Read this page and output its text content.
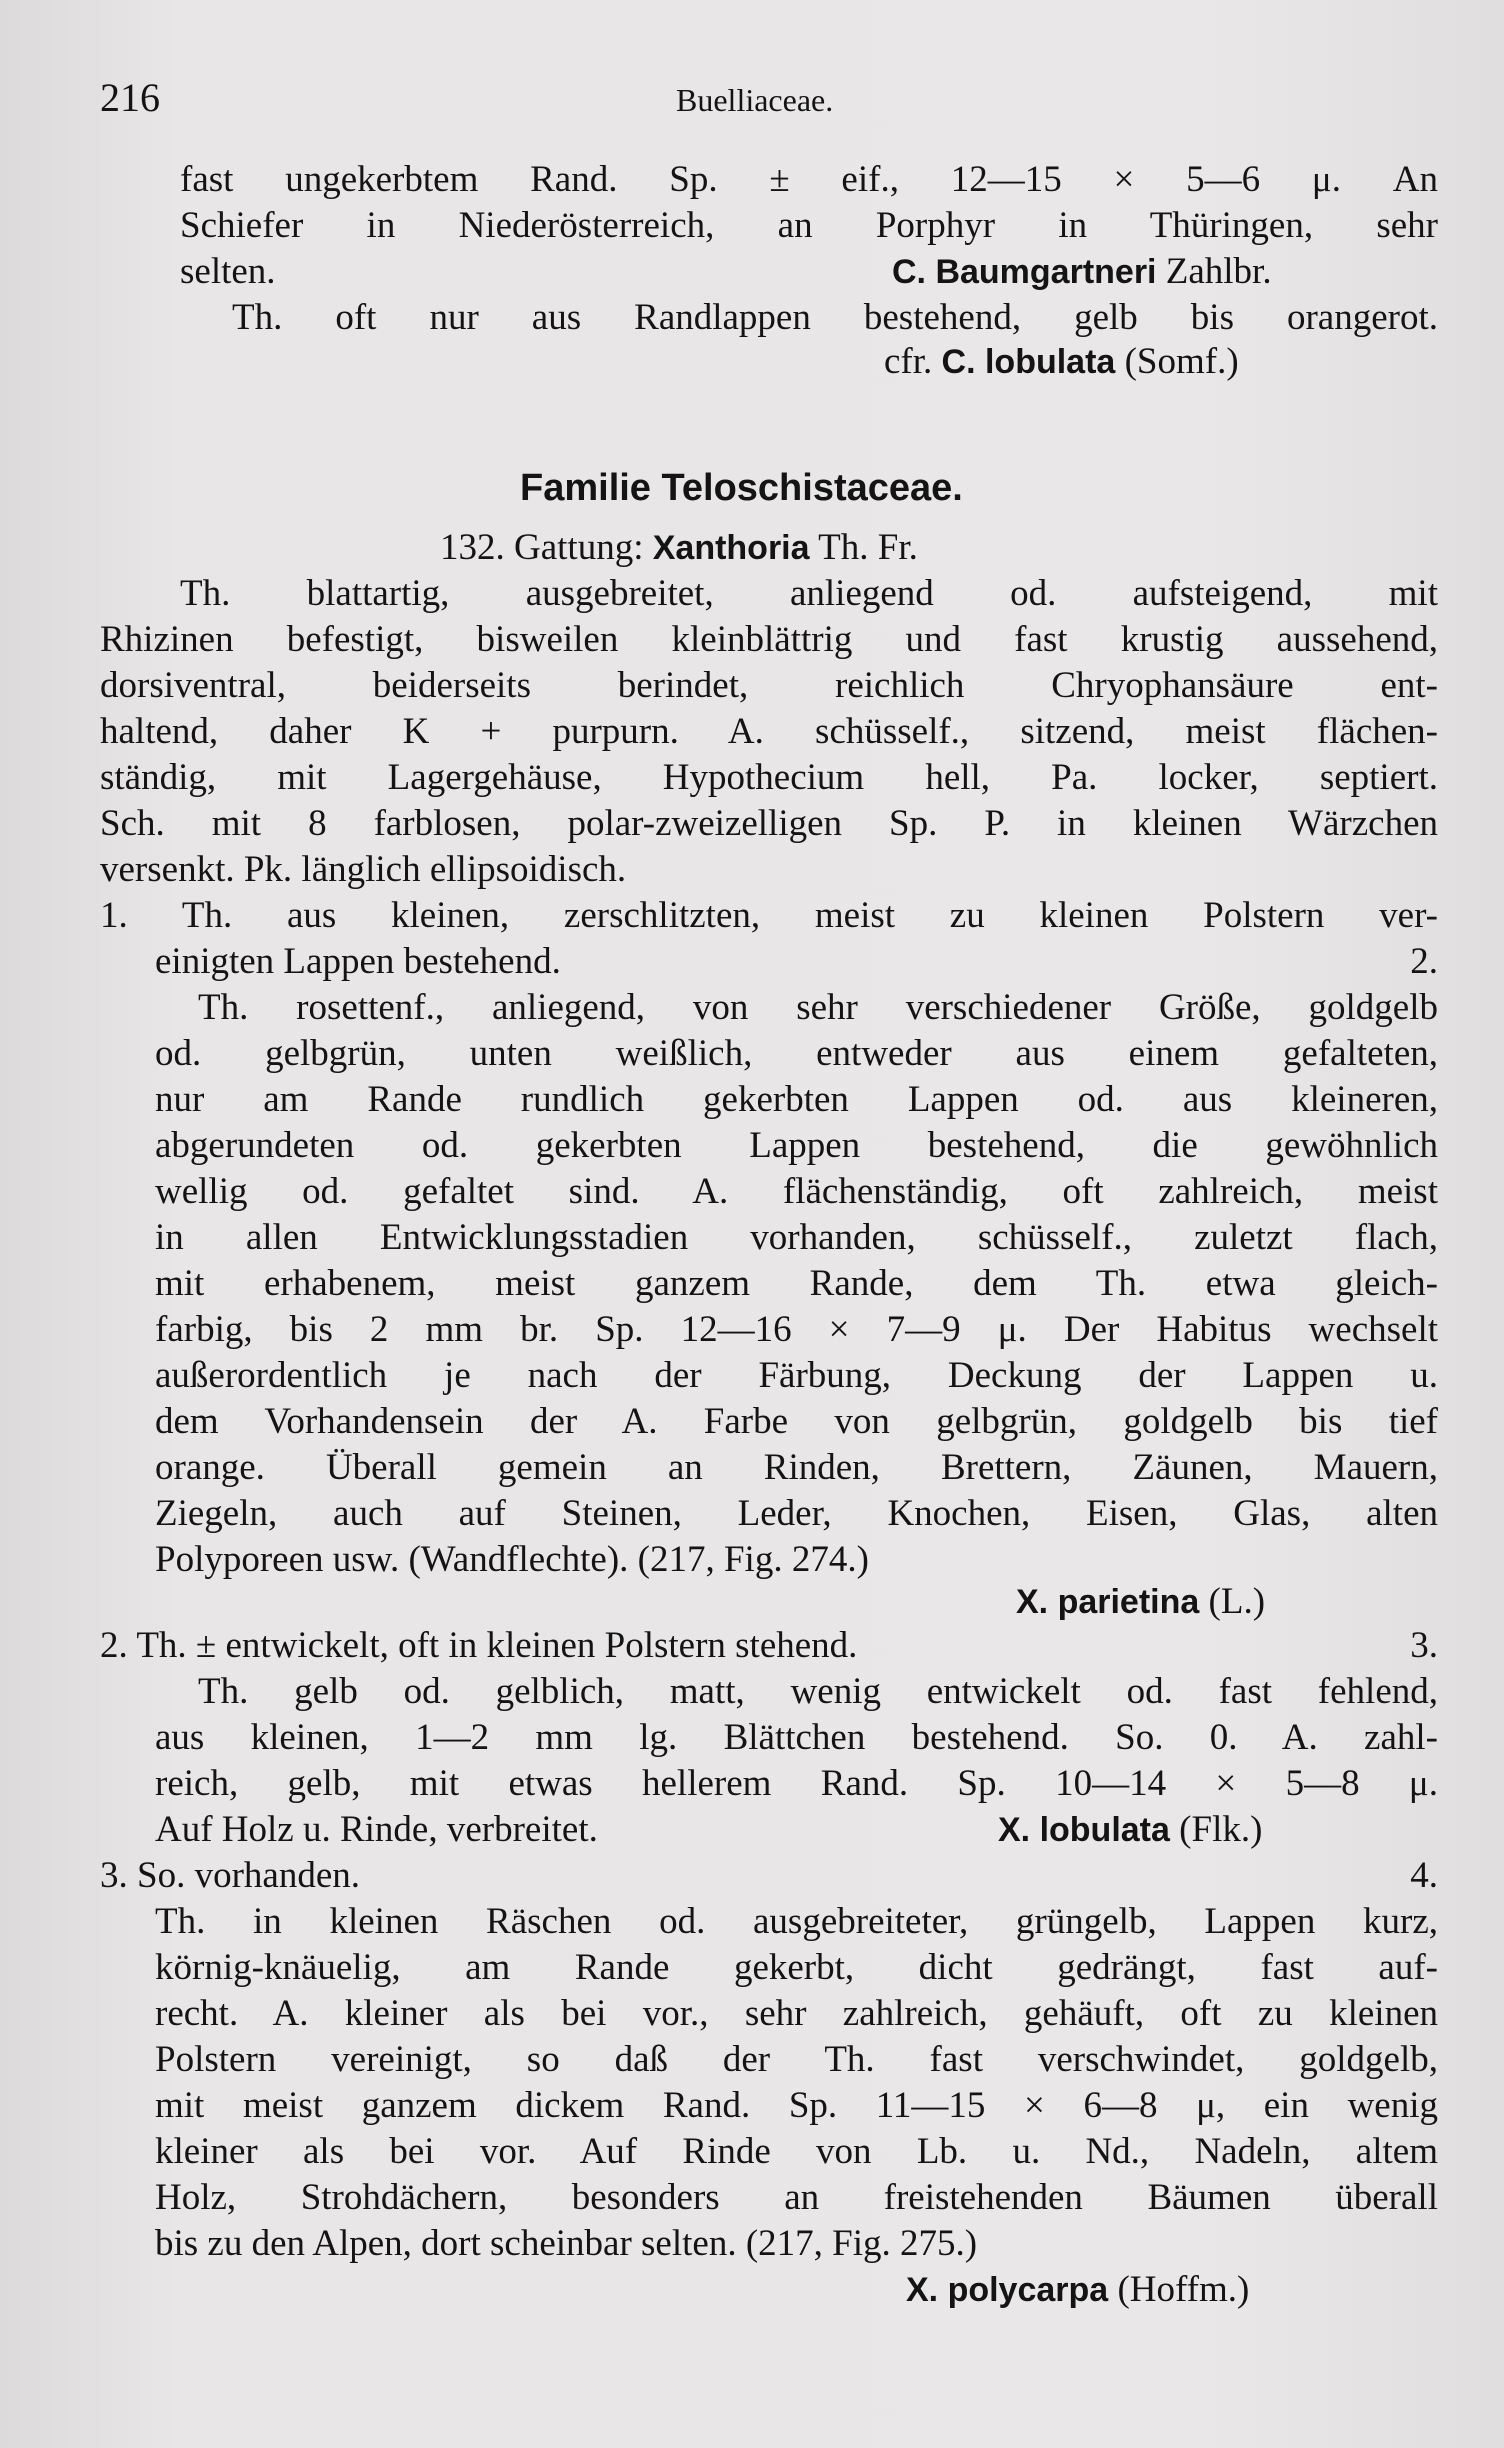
216	Buelliaceae.
fast ungekerbtem Rand. Sp. ± eif., 12—15 × 5—6 μ. An
Schiefer in Niederösterreich, an Porphyr in Thüringen, sehr
selten.	C. Baumgartneri Zahlbr.
Th. oft nur aus Randlappen bestehend, gelb bis orangerot.
cfr. C. lobulata (Somf.)
Familie Teloschistaceae.
132. Gattung: Xanthoria Th. Fr.
Th. blattartig, ausgebreitet, anliegend od. aufsteigend, mit
Rhizinen befestigt, bisweilen kleinblättrig und fast krustig aussehend,
dorsiventral, beiderseits berindet, reichlich Chryophansäure ent-
haltend, daher K + purpurn. A. schüsself., sitzend, meist flächen-
ständig, mit Lagergehäuse, Hypothecium hell, Pa. locker, septiert.
Sch. mit 8 farblosen, polar-zweizelligen Sp. P. in kleinen Wärzchen
versenkt. Pk. länglich ellipsoidisch.
1. Th. aus kleinen, zerschlitzten, meist zu kleinen Polstern ver-
einigten Lappen bestehend.	2.
Th. rosettenf., anliegend, von sehr verschiedener Größe, goldgelb
od. gelbgrün, unten weißlich, entweder aus einem gefalteten,
nur am Rande rundlich gekerbten Lappen od. aus kleineren,
abgerundeten od. gekerbten Lappen bestehend, die gewöhnlich
wellig od. gefaltet sind. A. flächenständig, oft zahlreich, meist
in allen Entwicklungsstadien vorhanden, schüsself., zuletzt flach,
mit erhabenem, meist ganzem Rande, dem Th. etwa gleich-
farbig, bis 2 mm br. Sp. 12—16 × 7—9 μ. Der Habitus wechselt
außerordentlich je nach der Färbung, Deckung der Lappen u.
dem Vorhandensein der A. Farbe von gelbgrün, goldgelb bis tief
orange. Überall gemein an Rinden, Brettern, Zäunen, Mauern,
Ziegeln, auch auf Steinen, Leder, Knochen, Eisen, Glas, alten
Polyporeen usw. (Wandflechte). (217, Fig. 274.)
X. parietina (L.)
2. Th. ± entwickelt, oft in kleinen Polstern stehend.	3.
Th. gelb od. gelblich, matt, wenig entwickelt od. fast fehlend,
aus kleinen, 1—2 mm lg. Blättchen bestehend. So. 0. A. zahl-
reich, gelb, mit etwas hellerem Rand. Sp. 10—14 × 5—8 μ.
Auf Holz u. Rinde, verbreitet.	X. lobulata (Flk.)
3. So. vorhanden.	4.
Th. in kleinen Räschen od. ausgebreiteter, grüngelb, Lappen kurz,
körnig-knäuelig, am Rande gekerbt, dicht gedrängt, fast auf-
recht. A. kleiner als bei vor., sehr zahlreich, gehäuft, oft zu kleinen
Polstern vereinigt, so daß der Th. fast verschwindet, goldgelb,
mit meist ganzem dickem Rand. Sp. 11—15 × 6—8 μ, ein wenig
kleiner als bei vor. Auf Rinde von Lb. u. Nd., Nadeln, altem
Holz, Strohdächern, besonders an freistehenden Bäumen überall
bis zu den Alpen, dort scheinbar selten. (217, Fig. 275.)
X. polycarpa (Hoffm.)
